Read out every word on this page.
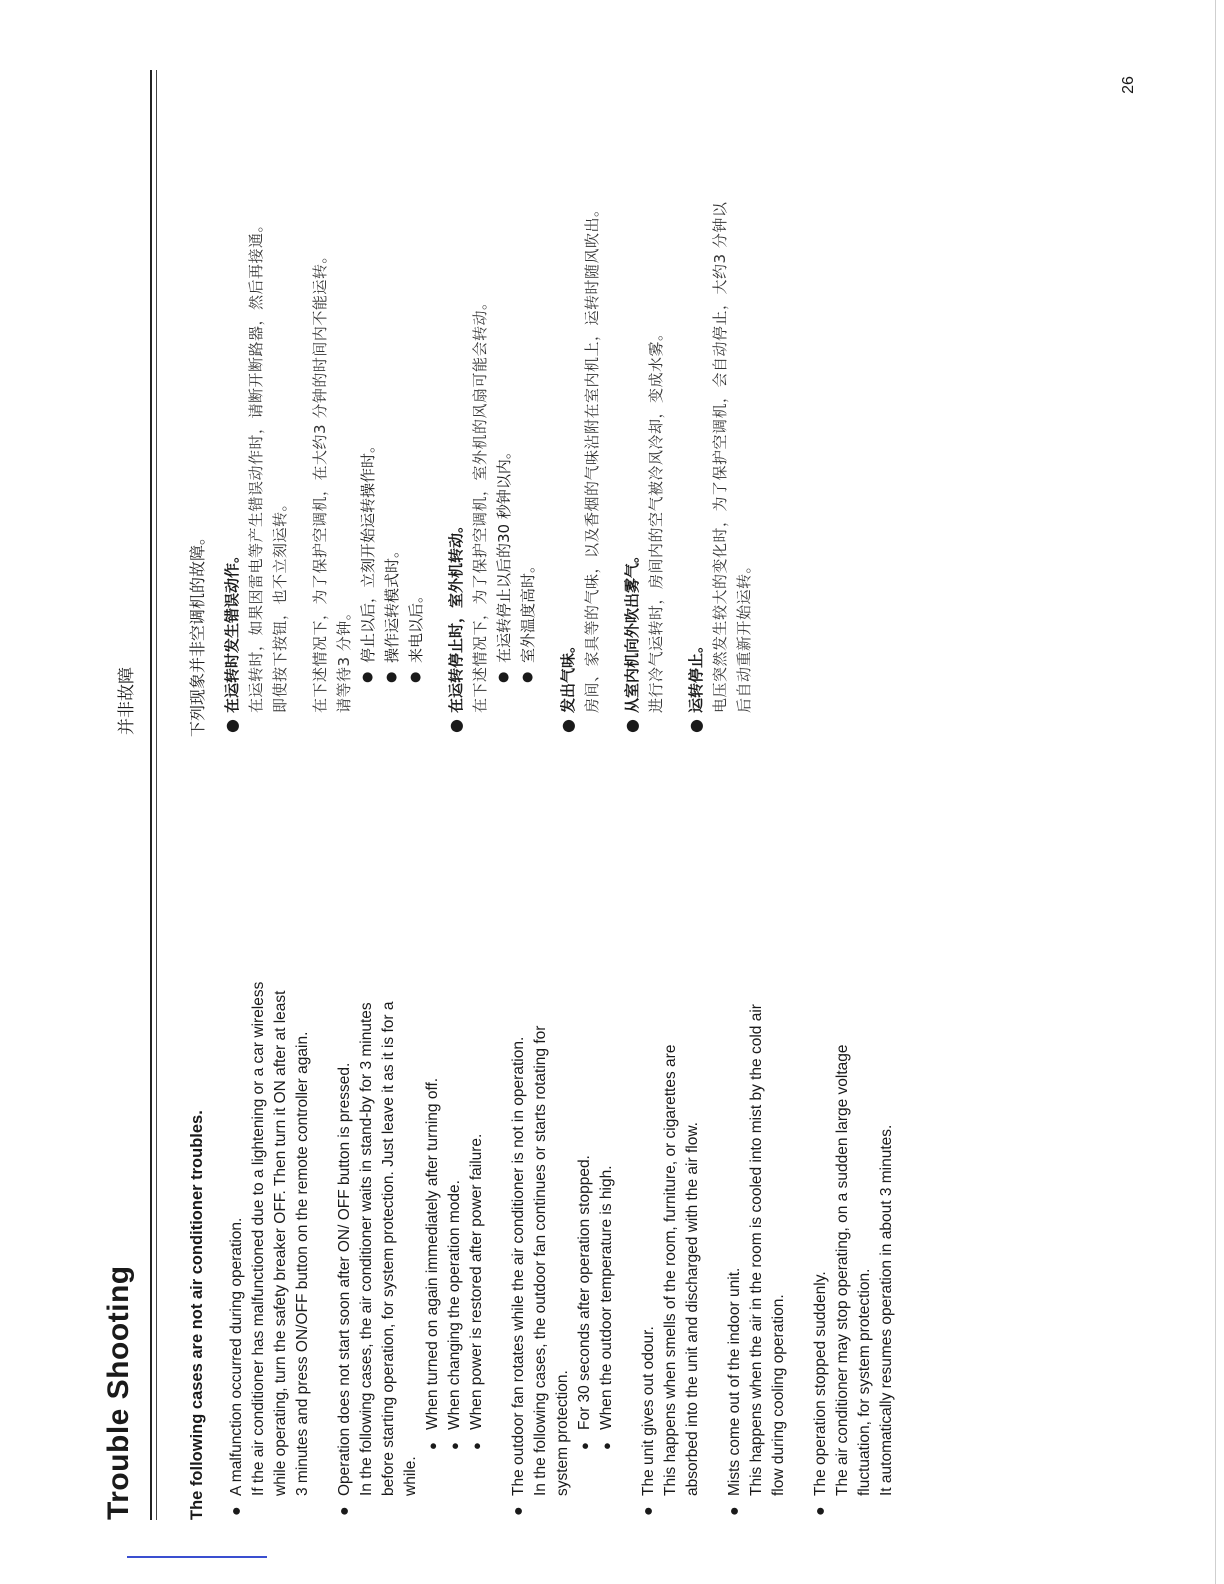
Trouble Shooting
并非故障

The following cases are not air conditioner troubles. ●

A malfunction occurred during operation. If the air conditioner has malfunctioned due to a lightening or a car wireless while operating, turn the safety breaker OFF. Then turn it ON after at least 3 minutes and press ON/OFF button on the remote controller again.

●

Operation does not start soon after ON/ OFF button is pressed. In the following cases, the air conditioner waits in stand-by for 3 minutes before starting operation, for system protection. Just leave it as it is for a while.

●
When turned on again immediately after turning off.
●
When changing the operation mode.
●
When power is restored after power failure.
●

The outdoor fan rotates while the air conditioner is not in operation. In the following cases, the outdoor fan continues or starts rotating for system protection. ●
For 30 seconds after operation stopped.
●
When the outdoor temperature is high.
●

The unit gives out odour. This happens when smells of the room, furniture, or cigarettes are absorbed into the unit and discharged with the air flow.

●

Mists come out of the indoor unit. This happens when the air in the room is cooled into mist by the cold air flow during cooling operation.

●

The operation stopped suddenly. The air conditioner may stop operating, on a sudden large voltage fluctuation, for system protection. It automatically resumes operation in about 3 minutes.

下列现象并非空调机的故障。 ●

在运转时发生错误动作。 在运转时，如果因雷电等产生错误动作时，请断开断路器，然后再接通。 即使按下按钮，也不立刻运转。 在下述情况下，为了保护空调机，在大约3 分钟的时间内不能运转。 请等待3 分钟。 ●
停止以后，立刻开始运转操作时。
●
操作运转模式时。
●
来电以后。
●

在运转停止时，室外机转动。 在下述情况下，为了保护空调机，室外机的风扇可能会转动。 ●
在运转停止以后的30 秒钟以内。
●
室外温度高时。
●

发出气味。 房间、家具等的气味，以及香烟的气味沾附在室内机上，运转时随风吹出。

●

从室内机向外吹出雾气。 进行冷气运转时，房间内的空气被冷风冷却，变成水雾。

●

运转停止。 电压突然发生较大的变化时，为了保护空调机，会自动停止，大约3 分钟以 后自动重新开始运转。

26
